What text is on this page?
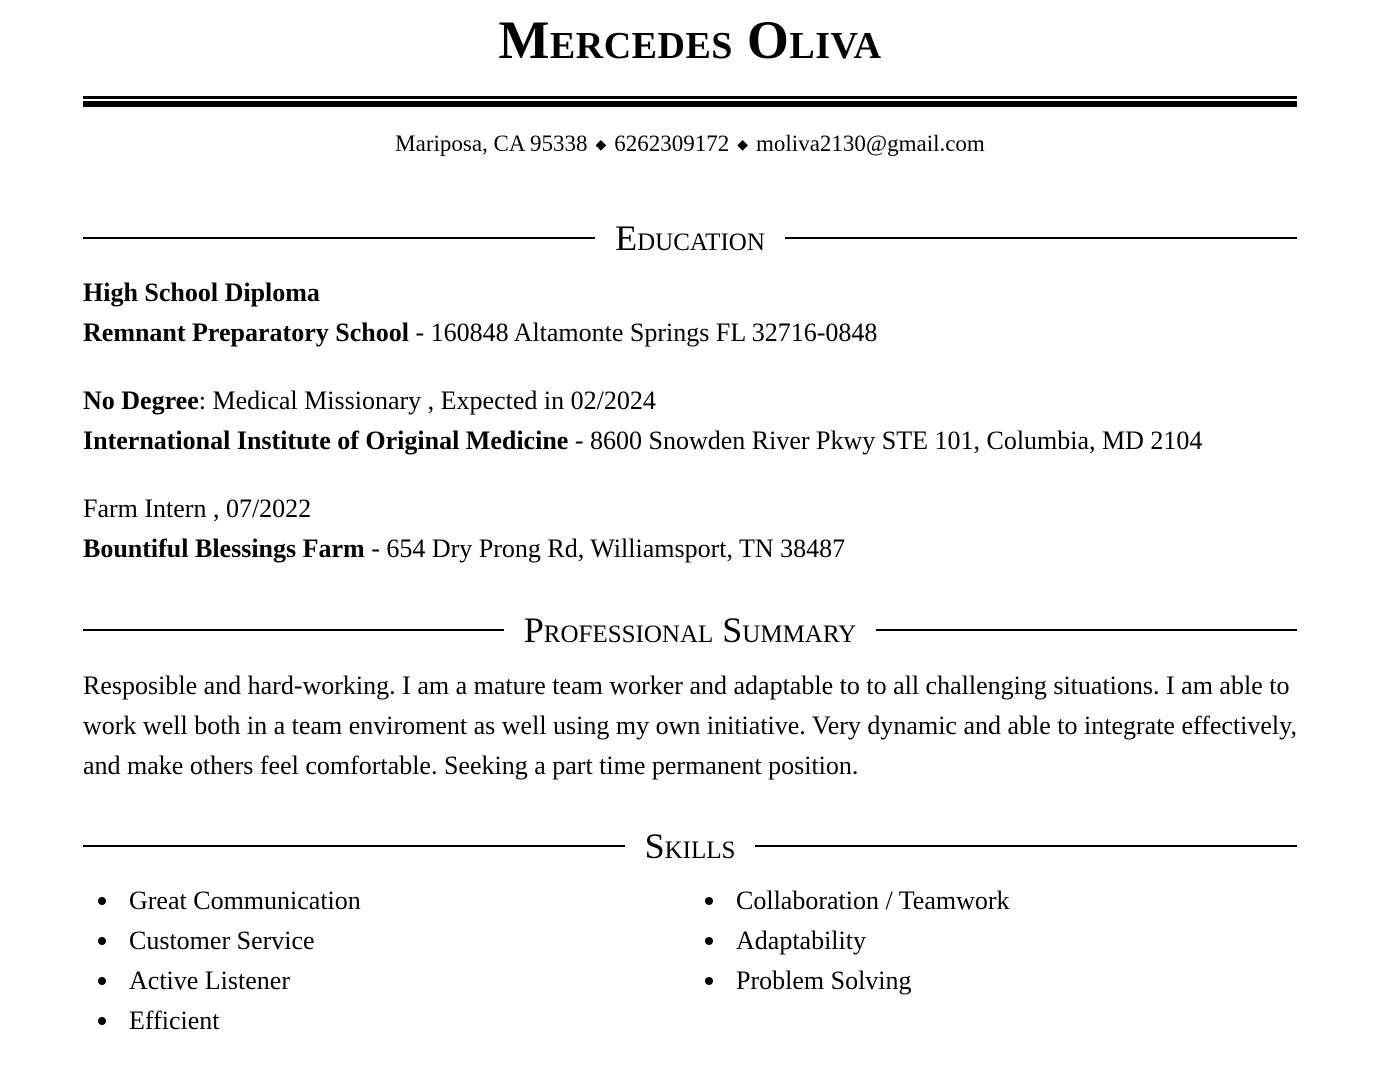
Mercedes Oliva
Mariposa, CA 95338 ◆ 6262309172 ◆ moliva2130@gmail.com
Education
High School Diploma
Remnant Preparatory School - 160848 Altamonte Springs FL 32716-0848
No Degree: Medical Missionary , Expected in 02/2024
International Institute of Original Medicine - 8600 Snowden River Pkwy STE 101, Columbia, MD 2104
Farm Intern , 07/2022
Bountiful Blessings Farm - 654 Dry Prong Rd, Williamsport, TN 38487
Professional Summary
Resposible and hard-working. I am a mature team worker and adaptable to to all challenging situations. I am able to work well both in a team enviroment as well using my own initiative. Very dynamic and able to integrate effectively, and make others feel comfortable. Seeking a part time permanent position.
Skills
Great Communication
Customer Service
Active Listener
Efficient
Collaboration / Teamwork
Adaptability
Problem Solving
